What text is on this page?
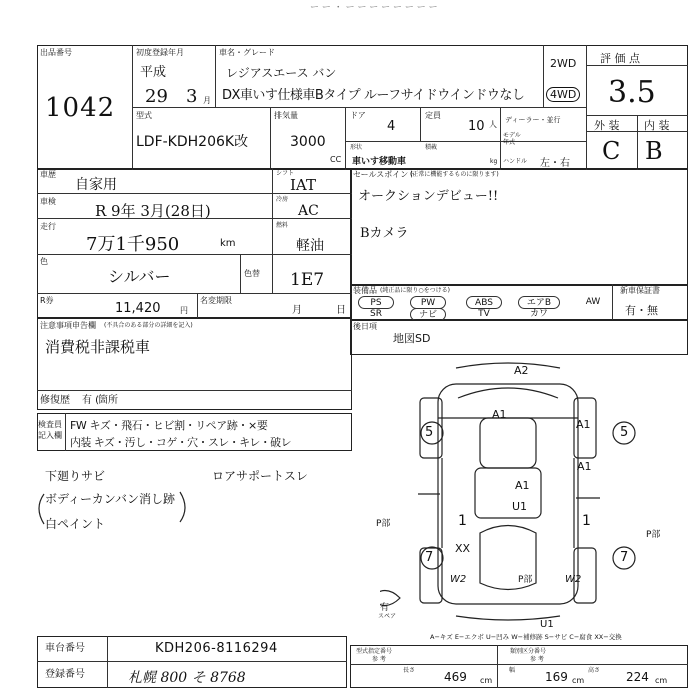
ー ー ・ ー ー ー ー ー ー ー ー
出品番号
1042
初度登録年月
平成
29 3 月
車名・グレード
レジアスエース バン
DX車いす仕様車Bタイプ ルーフサイドウインドウなし
2WD
4WD
評 価 点
3.5
外 装 内 装
C B
型式
LDF-KDH206K改
排気量
3000
CC
ドア
4
定員
10 人 ディーラー・並行
形状
車いす移動車
積載
kg
モデル年式
ハンドル 左・右
車歴
自家用
シフト
IAT
車検
R 9年 3月(28日)
冷房
AC
走行
7万1千950	km
燃料
軽油
色
シルバー	色替 1E7
R券
11,420 円
名変期限
月	日
セールスポイント
(正常に機能するものに限ります)
オークションデビュー!!
Bカメラ
装備品 (純正品に限り○をつける)
PS	PW	ABS	エアB	AW
SR	ナビ	TV	カワ
新車保証書
有・無
後日項
地図SD
注意事項申告欄 (不具合のある部分の詳細を記入)
消費税非課税車
修復歴 有 (
箇所
検査員
記入欄
FW キズ・飛石・ヒビ割・リペア跡・×要
内装 キズ・汚し・コゲ・穴・スレ・キレ・破レ
下廻りサビ
ボディーカンバン消し跡
白ペイント
ロアサポートスレ
A2
A1
A1
A1
A1
U1
5	5
7	7
1	1
XX
W2	W2
P部
P部
P部
U1
有
スペア
A−キズ E−エクボ U−凹み W−補修跡 S−サビ C−腐食 XX−交換
車台番号	KDH206-8116294
登録番号	札幌 800 そ 8768
型式指定番号
参 考
類別区分番号
参 考
長さ 469 cm
幅 169 cm
高さ 224 cm
